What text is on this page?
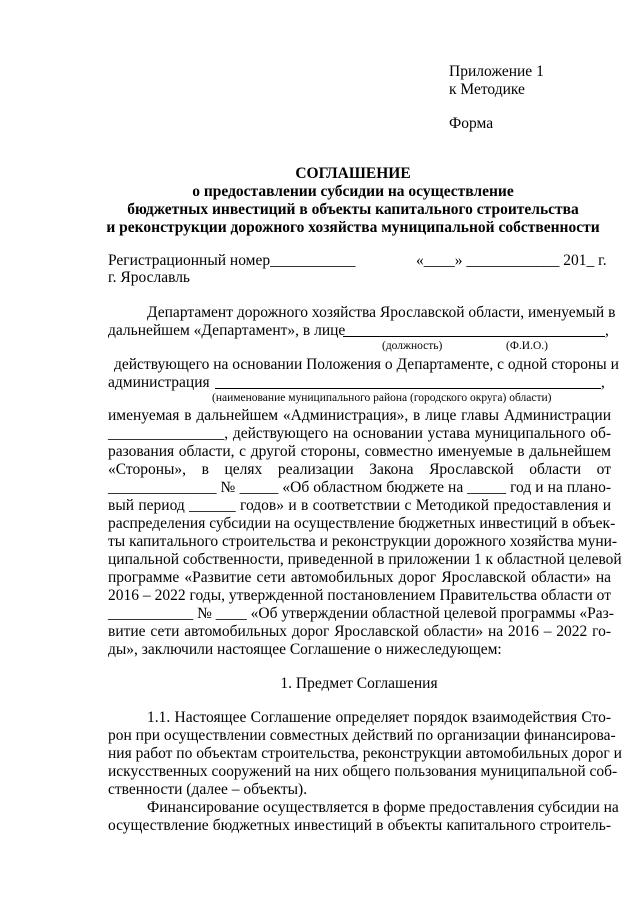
Приложение 1
к Методике
Форма
СОГЛАШЕНИЕ
о предоставлении субсидии на осуществление
бюджетных инвестиций в объекты капитального строительства
и реконструкции дорожного хозяйства муниципальной собственности
Регистрационный номер___________	«____» ____________ 201_ г.
г. Ярославль
Департамент дорожного хозяйства Ярославской области, именуемый в
дальнейшем «Департамент», в лице	,
(должность)	(Ф.И.О.)
действующего на основании Положения о Департаменте, с одной стороны и
администрация	,
(наименование муниципального района (городского округа) области)
именуемая в дальнейшем «Администрация», в лице главы Администрации
_______________, действующего на основании устава муниципального об-
разования области, с другой стороны, совместно именуемые в дальнейшем
«Стороны», в целях реализации Закона Ярославской области от
______________ № _____ «Об областном бюджете на _____ год и на плано-
вый период ______ годов» и в соответствии с Методикой предоставления и
распределения субсидии на осуществление бюджетных инвестиций в объек-
ты капитального строительства и реконструкции дорожного хозяйства муни-
ципальной собственности, приведенной в приложении 1 к областной целевой
программе «Развитие сети автомобильных дорог Ярославской области» на
2016 – 2022 годы, утвержденной постановлением Правительства области от
___________ № ____ «Об утверждении областной целевой программы «Раз-
витие сети автомобильных дорог Ярославской области» на 2016 – 2022 го-
ды», заключили настоящее Соглашение о нижеследующем:
1. Предмет Соглашения
1.1. Настоящее Соглашение определяет порядок взаимодействия Сто-
рон при осуществлении совместных действий по организации финансирова-
ния работ по объектам строительства, реконструкции автомобильных дорог и
искусственных сооружений на них общего пользования муниципальной соб-
ственности (далее – объекты).
Финансирование осуществляется в форме предоставления субсидии на
осуществление бюджетных инвестиций в объекты капитального строитель-
